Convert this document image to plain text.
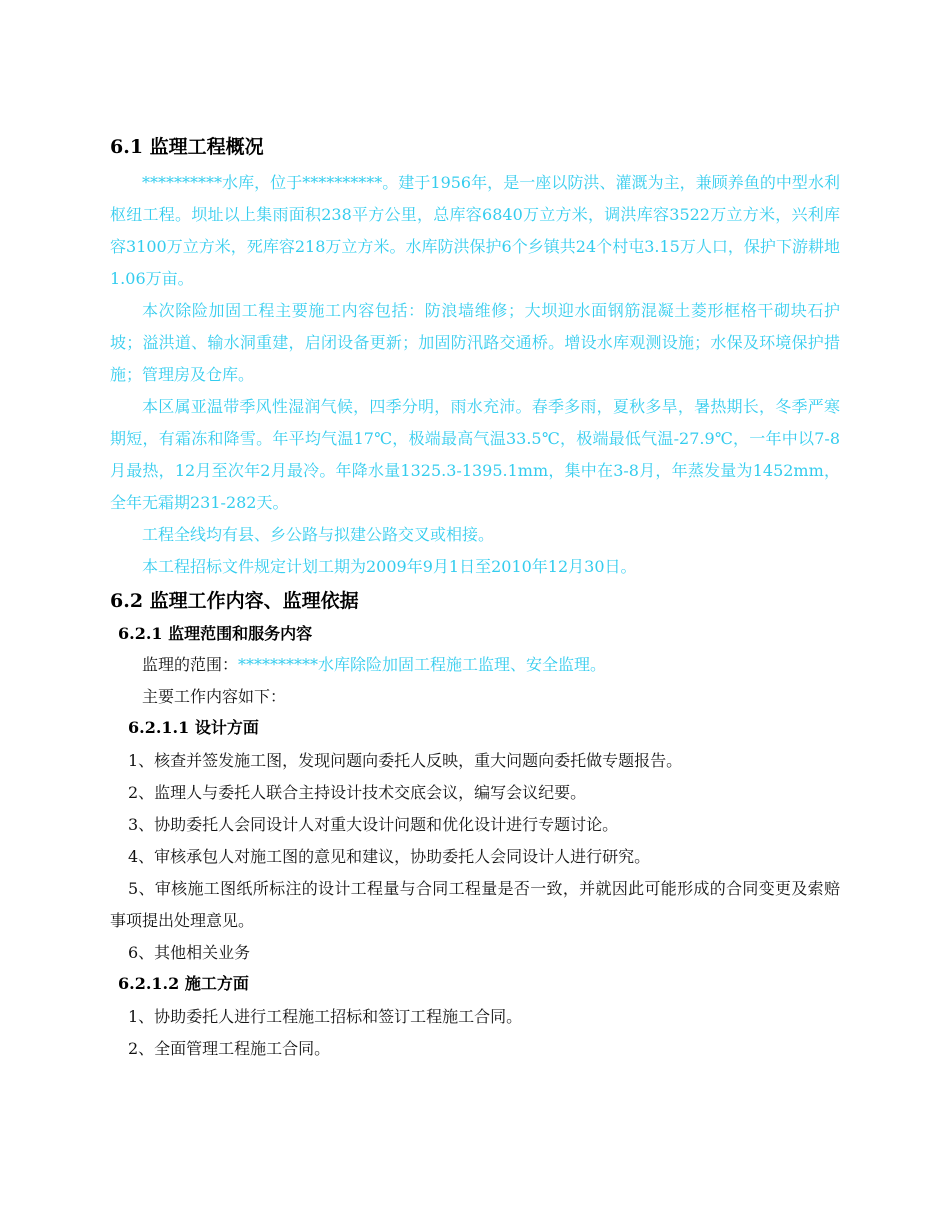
6.1 监理工程概况

**********水库，位于**********。建于1956年，是一座以防洪、灌溉为主，兼顾养鱼的中型水利枢纽工程。坝址以上集雨面积238平方公里，总库容6840万立方米，调洪库容3522万立方米，兴利库容3100万立方米，死库容218万立方米。水库防洪保护6个乡镇共24个村屯3.15万人口，保护下游耕地1.06万亩。

本次除险加固工程主要施工内容包括：防浪墙维修；大坝迎水面钢筋混凝土菱形框格干砌块石护坡；溢洪道、输水洞重建，启闭设备更新；加固防汛路交通桥。增设水库观测设施；水保及环境保护措施；管理房及仓库。

本区属亚温带季风性湿润气候，四季分明，雨水充沛。春季多雨，夏秋多旱，暑热期长，冬季严寒期短，有霜冻和降雪。年平均气温17℃，极端最高气温33.5℃，极端最低气温-27.9℃，一年中以7-8月最热，12月至次年2月最冷。年降水量1325.3-1395.1mm，集中在3-8月，年蒸发量为1452mm，全年无霜期231-282天。

工程全线均有县、乡公路与拟建公路交叉或相接。

本工程招标文件规定计划工期为2009年9月1日至2010年12月30日。

6.2 监理工作内容、监理依据
6.2.1 监理范围和服务内容

监理的范围：**********水库除险加固工程施工监理、安全监理。

主要工作内容如下：

6.2.1.1 设计方面

1、核查并签发施工图，发现问题向委托人反映，重大问题向委托做专题报告。

2、监理人与委托人联合主持设计技术交底会议，编写会议纪要。

3、协助委托人会同设计人对重大设计问题和优化设计进行专题讨论。

4、审核承包人对施工图的意见和建议，协助委托人会同设计人进行研究。

5、审核施工图纸所标注的设计工程量与合同工程量是否一致，并就因此可能形成的合同变更及索赔事项提出处理意见。

6、其他相关业务

6.2.1.2 施工方面

1、协助委托人进行工程施工招标和签订工程施工合同。

2、全面管理工程施工合同。
